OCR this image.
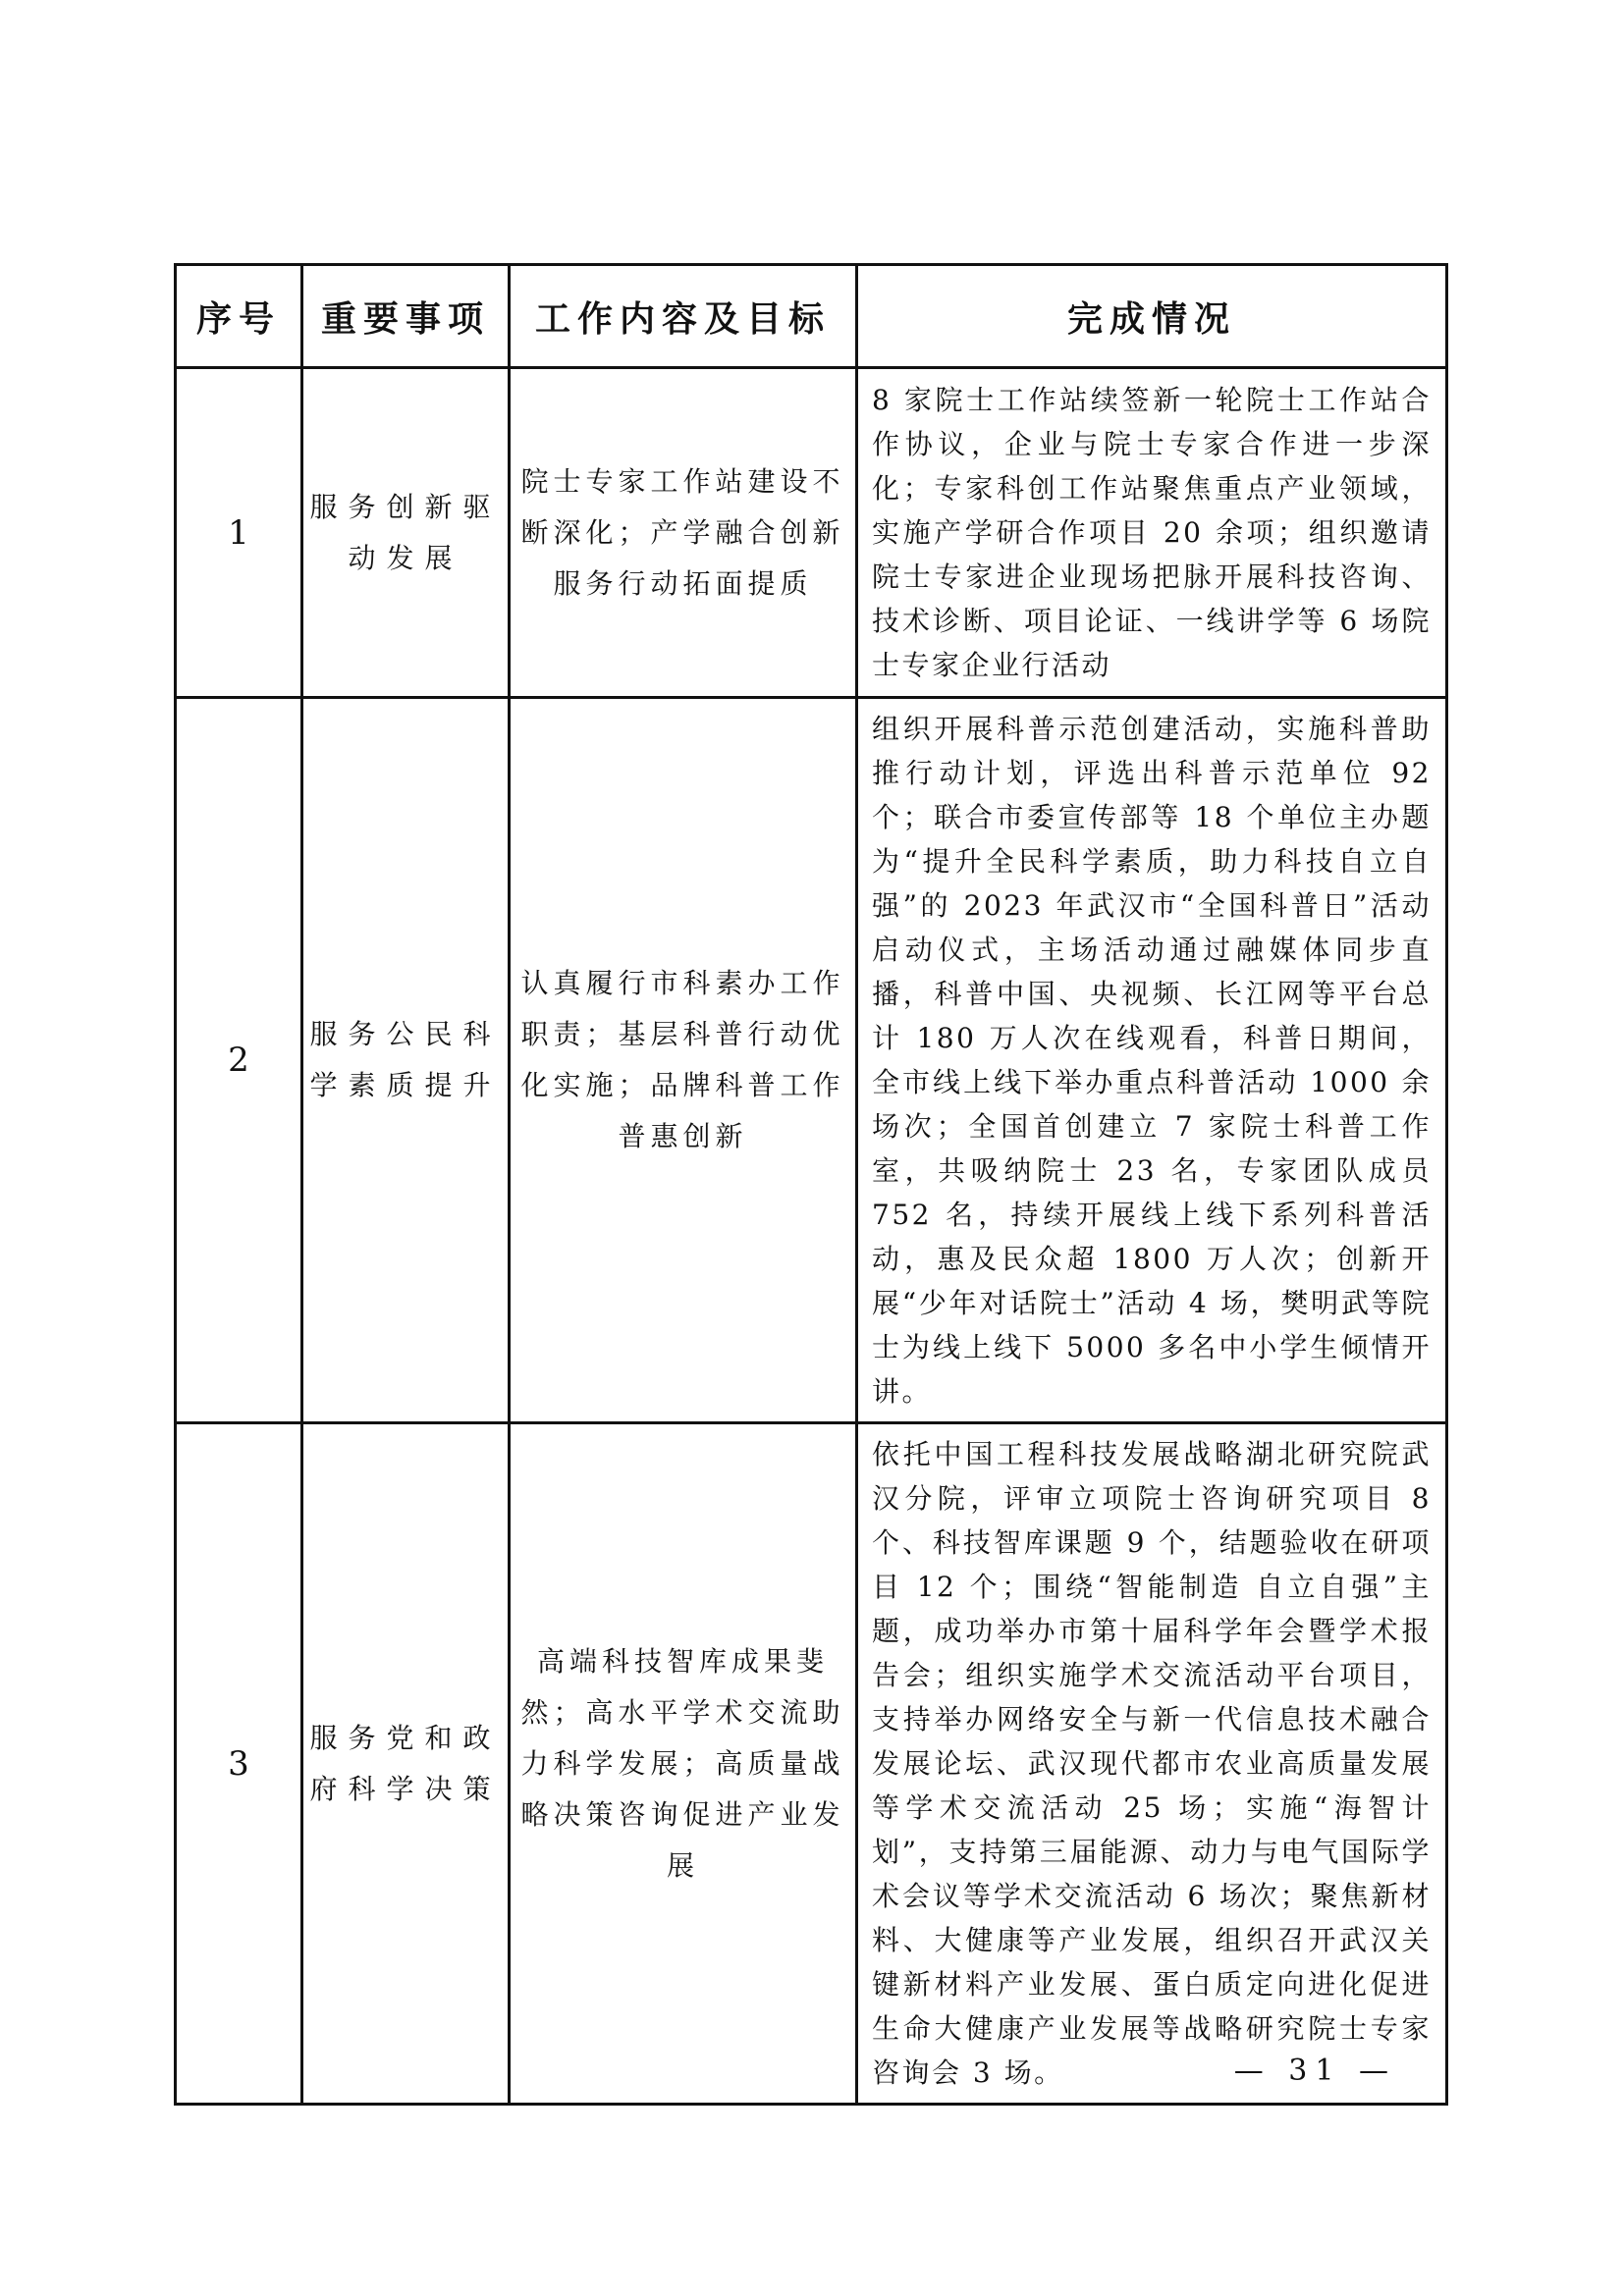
序号	重要事项	工作内容及目标	完成情况
1	服务创新驱动发展	院士专家工作站建设不断深化；产学融合创新服务行动拓面提质	8 家院士工作站续签新一轮院士工作站合作协议，企业与院士专家合作进一步深化；专家科创工作站聚焦重点产业领域，实施产学研合作项目 20 余项；组织邀请院士专家进企业现场把脉开展科技咨询、技术诊断、项目论证、一线讲学等 6 场院士专家企业行活动
2	服务公民科学素质提升	认真履行市科素办工作职责；基层科普行动优化实施；品牌科普工作普惠创新	组织开展科普示范创建活动，实施科普助推行动计划，评选出科普示范单位 92 个；联合市委宣传部等 18 个单位主办题为“提升全民科学素质，助力科技自立自强”的 2023 年武汉市“全国科普日”活动启动仪式，主场活动通过融媒体同步直播，科普中国、央视频、长江网等平台总计 180 万人次在线观看，科普日期间，全市线上线下举办重点科普活动 1000 余场次；全国首创建立 7 家院士科普工作室，共吸纳院士 23 名，专家团队成员 752 名，持续开展线上线下系列科普活动，惠及民众超 1800 万人次；创新开展“少年对话院士”活动 4 场，樊明武等院士为线上线下 5000 多名中小学生倾情开讲。
3	服务党和政府科学决策	高端科技智库成果斐然；高水平学术交流助力科学发展；高质量战略决策咨询促进产业发展	依托中国工程科技发展战略湖北研究院武汉分院，评审立项院士咨询研究项目 8 个、科技智库课题 9 个，结题验收在研项目 12 个；围绕“智能制造 自立自强”主题，成功举办市第十届科学年会暨学术报告会；组织实施学术交流活动平台项目，支持举办网络安全与新一代信息技术融合发展论坛、武汉现代都市农业高质量发展等学术交流活动 25 场；实施“海智计划”，支持第三届能源、动力与电气国际学术会议等学术交流活动 6 场次；聚焦新材料、大健康等产业发展，组织召开武汉关键新材料产业发展、蛋白质定向进化促进生命大健康产业发展等战略研究院士专家咨询会 3 场。	— 31 —
